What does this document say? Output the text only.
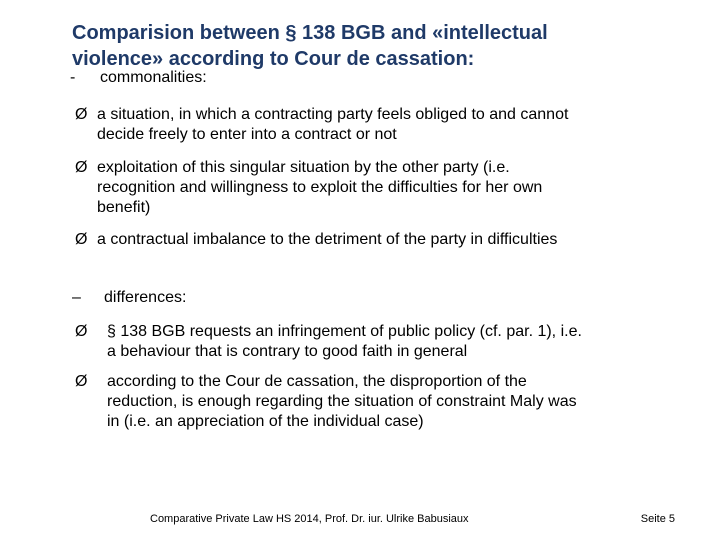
Comparision between § 138 BGB and «intellectual
violence» according to Cour de cassation:
- commonalities:
Ø a situation, in which a contracting party feels obliged to and cannot
decide freely to enter into a contract or not
Ø exploitation of this singular situation by the other party (i.e.
recognition and willingness to exploit the difficulties for her own
benefit)
Ø a contractual imbalance to the detriment of the party in difficulties
– differences:
Ø § 138 BGB requests an infringement of public policy (cf. par. 1), i.e.
a behaviour that is contrary to good faith in general
Ø according to the Cour de cassation, the disproportion of the
reduction, is enough regarding the situation of constraint Maly was
in (i.e. an appreciation of the individual case)
Comparative Private Law HS 2014, Prof. Dr. iur. Ulrike Babusiaux	Seite 5
